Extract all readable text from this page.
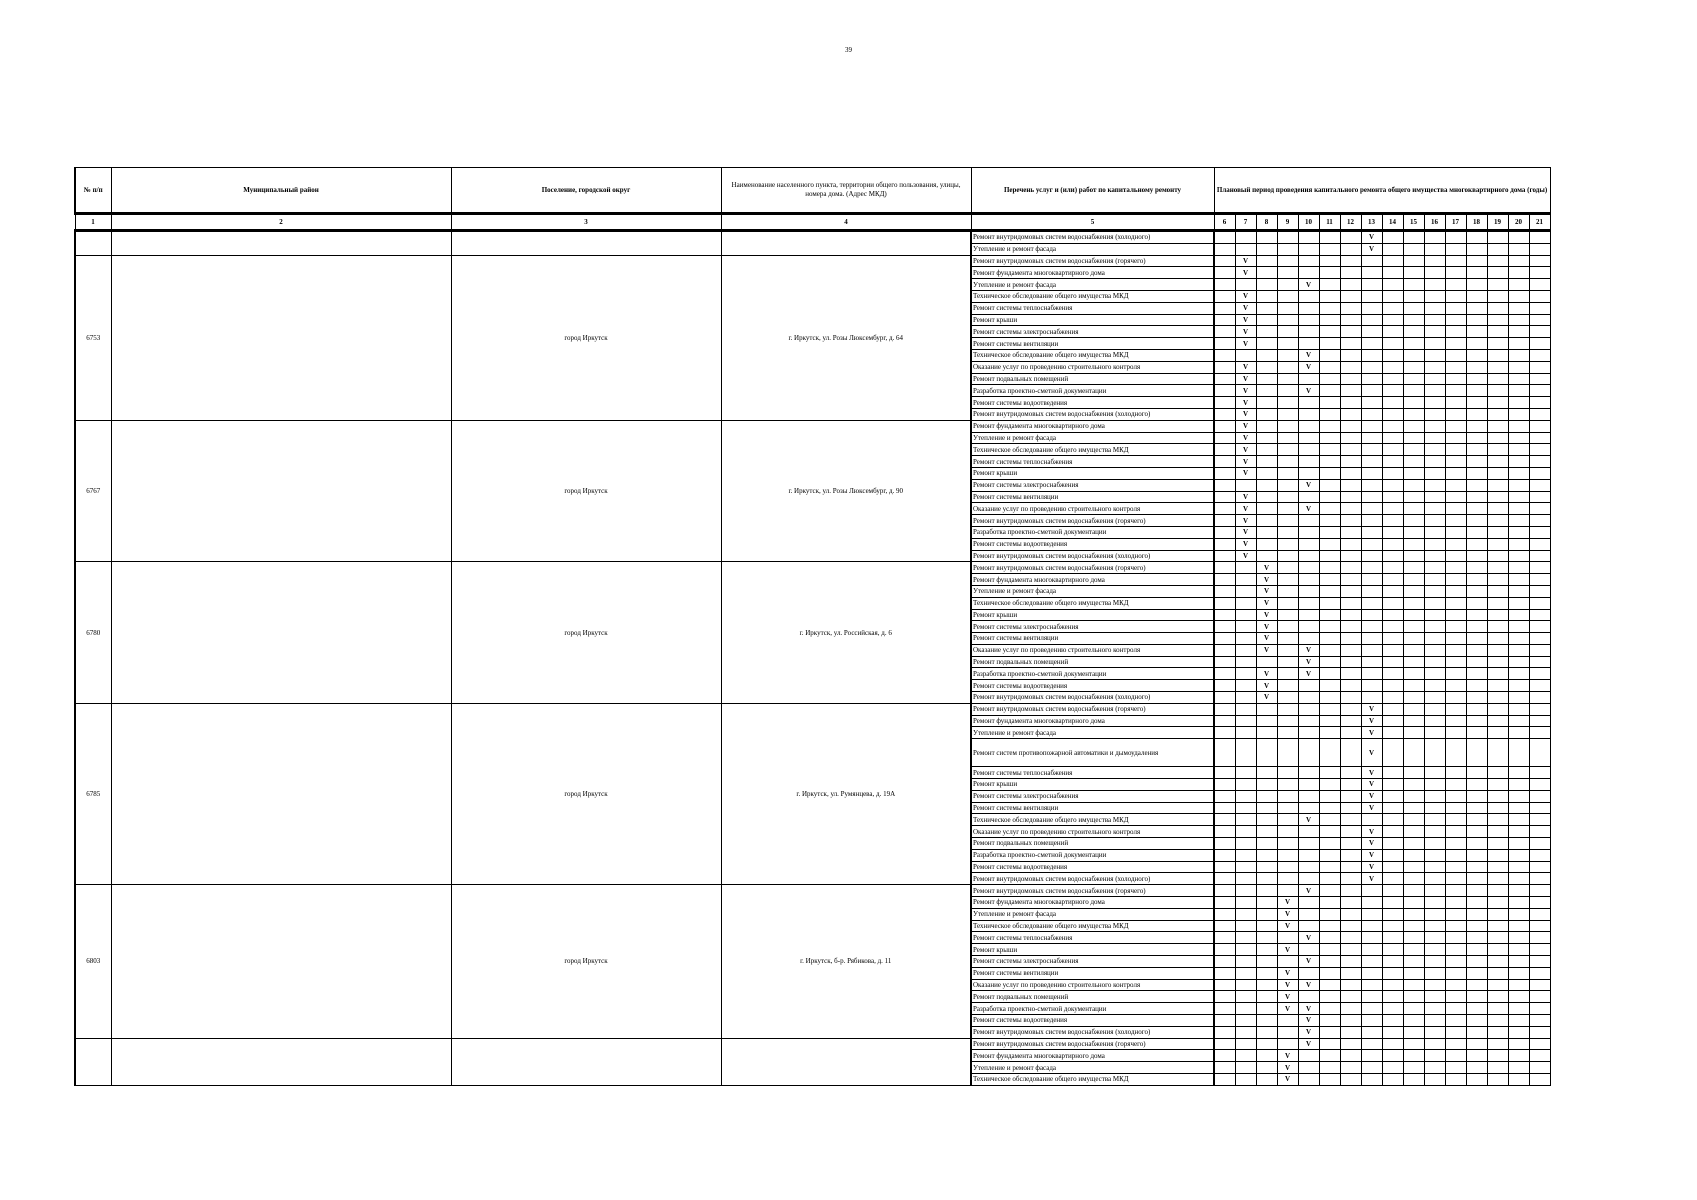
39
№ п/п	Муниципальный район	Поселение, городской округ	Наименование населенного пункта, территории общего пользования, улицы, номера дома. (Адрес МКД)	Перечень услуг и (или) работ по капитальному ремонту	Плановый период проведения капитального ремонта общего имущества многоквартирного дома (годы)															
1	2	3	4	5	6	7	8	9	10	11	12	13	14	15	16	17	18	19	20	21
				Ремонт внутридомовых систем водоснабжения (холодного)								V								
				Утепление и ремонт фасада								V								
6753		город Иркутск	г. Иркутск, ул. Розы Люксембург, д. 64	Ремонт внутридомовых систем водоснабжения (горячего)		V														
				Ремонт фундамента многоквартирного дома		V														
				Утепление и ремонт фасада					V											
				Техническое обследование общего имущества МКД		V														
				Ремонт системы теплоснабжения		V														
				Ремонт крыши		V														
				Ремонт системы электроснабжения		V														
				Ремонт системы вентиляции		V														
				Техническое обследование общего имущества МКД					V											
				Оказание услуг по проведению строительного контроля		V			V											
				Ремонт подвальных помещений		V														
				Разработка проектно-сметной документации		V			V											
				Ремонт системы водоотведения		V														
				Ремонт внутридомовых систем водоснабжения (холодного)		V														
6767		город Иркутск	г. Иркутск, ул. Розы Люксембург, д. 90	Ремонт фундамента многоквартирного дома		V														
				Утепление и ремонт фасада		V														
				Техническое обследование общего имущества МКД		V														
				Ремонт системы теплоснабжения		V														
				Ремонт крыши		V														
				Ремонт системы электроснабжения					V											
				Ремонт системы вентиляции		V														
				Оказание услуг по проведению строительного контроля		V			V											
				Ремонт внутридомовых систем водоснабжения (горячего)		V														
				Разработка проектно-сметной документации		V														
				Ремонт системы водоотведения		V														
				Ремонт внутридомовых систем водоснабжения (холодного)		V														
6780		город Иркутск	г. Иркутск, ул. Российская, д. 6	Ремонт внутридомовых систем водоснабжения (горячего)			V													
				Ремонт фундамента многоквартирного дома			V													
				Утепление и ремонт фасада			V													
				Техническое обследование общего имущества МКД			V													
				Ремонт крыши			V													
				Ремонт системы электроснабжения			V													
				Ремонт системы вентиляции			V													
				Оказание услуг по проведению строительного контроля			V		V											
				Ремонт подвальных помещений					V											
				Разработка проектно-сметной документации			V		V											
				Ремонт системы водоотведения			V													
				Ремонт внутридомовых систем водоснабжения (холодного)			V													
6785		город Иркутск	г. Иркутск, ул. Румянцева, д. 19А	Ремонт внутридомовых систем водоснабжения (горячего)								V								
				Ремонт фундамента многоквартирного дома								V								
				Утепление и ремонт фасада								V								
				Ремонт систем противопожарной автоматики и дымоудаления								V								
				Ремонт системы теплоснабжения								V								
				Ремонт крыши								V								
				Ремонт системы электроснабжения								V								
				Ремонт системы вентиляции								V								
				Техническое обследование общего имущества МКД					V											
				Оказание услуг по проведению строительного контроля								V								
				Ремонт подвальных помещений								V								
				Разработка проектно-сметной документации								V								
				Ремонт системы водоотведения								V								
				Ремонт внутридомовых систем водоснабжения (холодного)								V								
6803		город Иркутск	г. Иркутск, б-р. Рябикова, д. 11	Ремонт внутридомовых систем водоснабжения (горячего)					V											
				Ремонт фундамента многоквартирного дома				V												
				Утепление и ремонт фасада				V												
				Техническое обследование общего имущества МКД				V												
				Ремонт системы теплоснабжения					V											
				Ремонт крыши				V												
				Ремонт системы электроснабжения					V											
				Ремонт системы вентиляции				V												
				Оказание услуг по проведению строительного контроля				V	V											
				Ремонт подвальных помещений				V												
				Разработка проектно-сметной документации				V	V											
				Ремонт системы водоотведения					V											
				Ремонт внутридомовых систем водоснабжения (холодного)					V											
				Ремонт внутридомовых систем водоснабжения (горячего)					V											
				Ремонт фундамента многоквартирного дома				V												
				Утепление и ремонт фасада				V												
				Техническое обследование общего имущества МКД				V												
